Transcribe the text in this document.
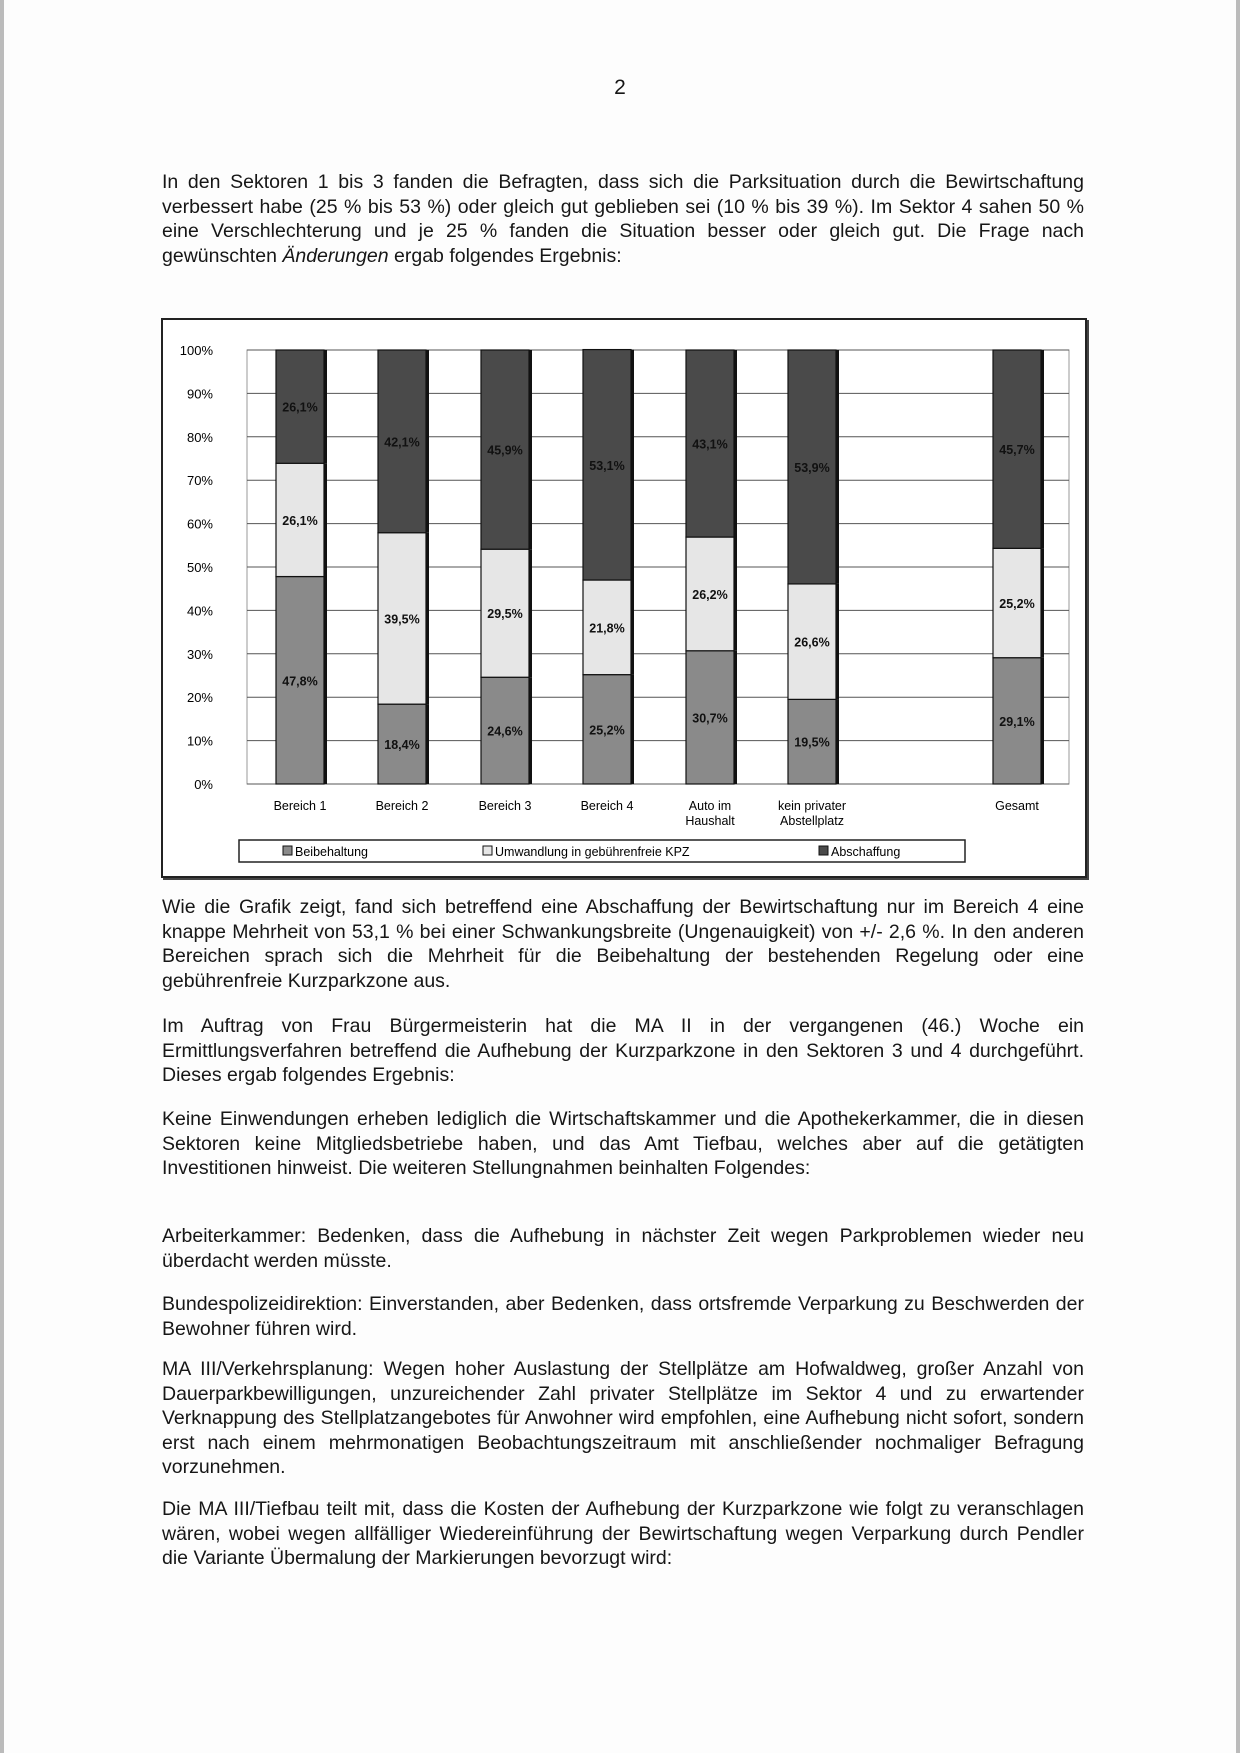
2

In den Sektoren 1 bis 3 fanden die Befragten, dass sich die Parksituation durch die Bewirtschaftung verbessert habe (25 % bis 53 %) oder gleich gut geblieben sei (10 % bis 39 %). Im Sektor 4 sahen 50 % eine Verschlechterung und je 25 % fanden die Situation besser oder gleich gut. Die Frage nach gewünschten Änderungen ergab folgendes Ergebnis:

0%
10%
20%
30%
40%
50%
60%
70%
80%
90%
100%
47,8%
26,1%
26,1%
Bereich 1
18,4%
39,5%
42,1%
Bereich 2
24,6%
29,5%
45,9%
Bereich 3
25,2%
21,8%
53,1%
Bereich 4
30,7%
26,2%
43,1%
Auto im
Haushalt
19,5%
26,6%
53,9%
kein privater
Abstellplatz
29,1%
25,2%
45,7%
Gesamt
Beibehaltung	Umwandlung in gebührenfreie KPZ	Abschaffung

Wie die Grafik zeigt, fand sich betreffend eine Abschaffung der Bewirtschaftung nur im Bereich 4 eine knappe Mehrheit von 53,1 % bei einer Schwankungsbreite (Ungenauigkeit) von +/- 2,6 %. In den anderen Bereichen sprach sich die Mehrheit für die Beibehaltung der bestehenden Regelung oder eine gebührenfreie Kurzparkzone aus.

Im Auftrag von Frau Bürgermeisterin hat die MA II in der vergangenen (46.) Woche ein Ermittlungsverfahren betreffend die Aufhebung der Kurzparkzone in den Sektoren 3 und 4 durchgeführt. Dieses ergab folgendes Ergebnis:

Keine Einwendungen erheben lediglich die Wirtschaftskammer und die Apothekerkammer, die in diesen Sektoren keine Mitgliedsbetriebe haben, und das Amt Tiefbau, welches aber auf die getätigten Investitionen hinweist. Die weiteren Stellungnahmen beinhalten Folgendes:

Arbeiterkammer: Bedenken, dass die Aufhebung in nächster Zeit wegen Parkproblemen wieder neu überdacht werden müsste.

Bundespolizeidirektion: Einverstanden, aber Bedenken, dass ortsfremde Verparkung zu Beschwerden der Bewohner führen wird.

MA III/Verkehrsplanung: Wegen hoher Auslastung der Stellplätze am Hofwaldweg, großer Anzahl von Dauerparkbewilligungen, unzureichender Zahl privater Stellplätze im Sektor 4 und zu erwartender Verknappung des Stellplatzangebotes für Anwohner wird empfohlen, eine Aufhebung nicht sofort, sondern erst nach einem mehrmonatigen Beobachtungszeitraum mit anschließender nochmaliger Befragung vorzunehmen.

Die MA III/Tiefbau teilt mit, dass die Kosten der Aufhebung der Kurzparkzone wie folgt zu veranschlagen wären, wobei wegen allfälliger Wiedereinführung der Bewirtschaftung wegen Verparkung durch Pendler die Variante Übermalung der Markierungen bevorzugt wird:
